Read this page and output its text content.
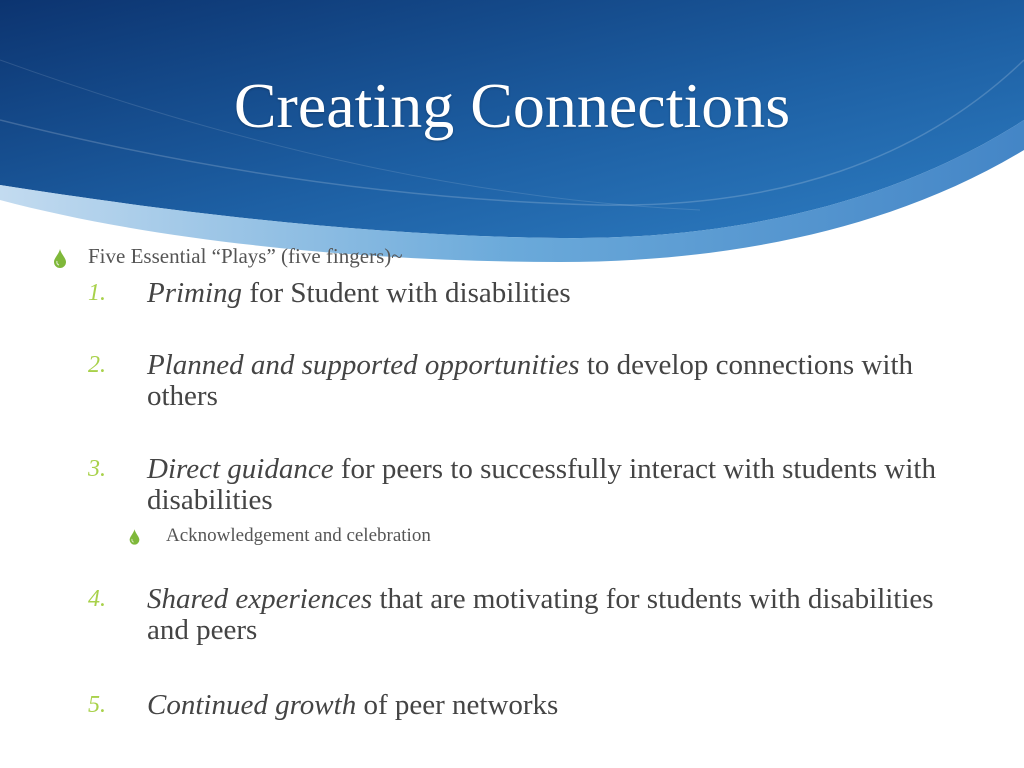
Creating Connections
Five Essential “Plays” (five fingers)~
1. Priming for Student with disabilities
2. Planned and supported opportunities to develop connections with others
3. Direct guidance for peers to successfully interact with students with disabilities
Acknowledgement and celebration
4. Shared experiences that are motivating for students with disabilities and peers
5. Continued growth of peer networks
